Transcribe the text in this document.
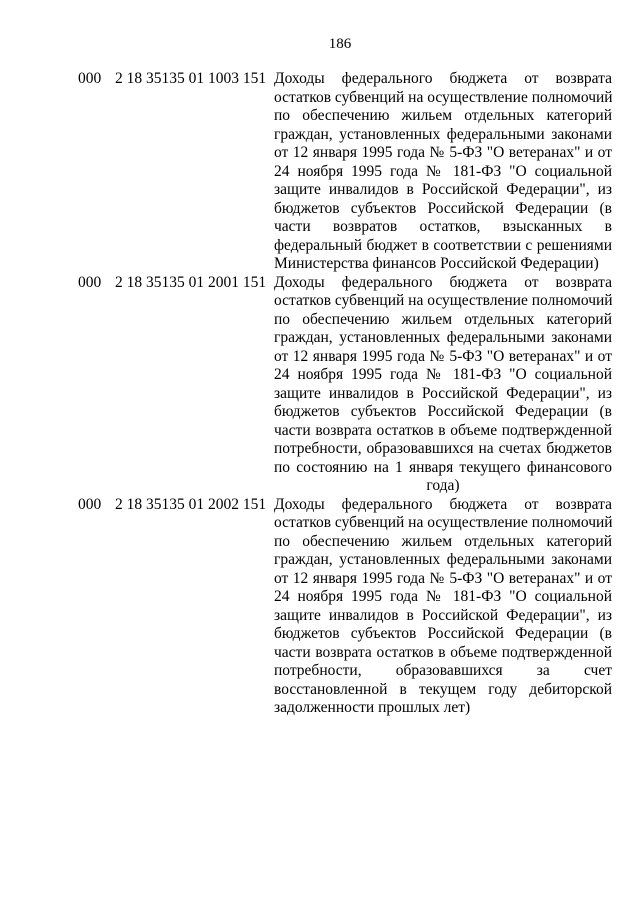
186
000 2 18 35135 01 1003 151 Доходы федерального бюджета от возврата
остатков субвенций на осуществление полномочий
по обеспечению жильем отдельных категорий
граждан, установленных федеральными законами
от 12 января 1995 года № 5-ФЗ "О ветеранах" и от
24 ноября 1995 года № 181-ФЗ "О социальной
защите инвалидов в Российской Федерации", из
бюджетов субъектов Российской Федерации (в
части возвратов остатков, взысканных в
федеральный бюджет в соответствии с решениями
Министерства финансов Российской Федерации)
000 2 18 35135 01 2001 151 Доходы федерального бюджета от возврата
остатков субвенций на осуществление полномочий
по обеспечению жильем отдельных категорий
граждан, установленных федеральными законами
от 12 января 1995 года № 5-ФЗ "О ветеранах" и от
24 ноября 1995 года № 181-ФЗ "О социальной
защите инвалидов в Российской Федерации", из
бюджетов субъектов Российской Федерации (в
части возврата остатков в объеме подтвержденной
потребности, образовавшихся на счетах бюджетов
по состоянию на 1 января текущего финансового
года)
000 2 18 35135 01 2002 151 Доходы федерального бюджета от возврата
остатков субвенций на осуществление полномочий
по обеспечению жильем отдельных категорий
граждан, установленных федеральными законами
от 12 января 1995 года № 5-ФЗ "О ветеранах" и от
24 ноября 1995 года № 181-ФЗ "О социальной
защите инвалидов в Российской Федерации", из
бюджетов субъектов Российской Федерации (в
части возврата остатков в объеме подтвержденной
потребности, образовавшихся за счет
восстановленной в текущем году дебиторской
задолженности прошлых лет)
